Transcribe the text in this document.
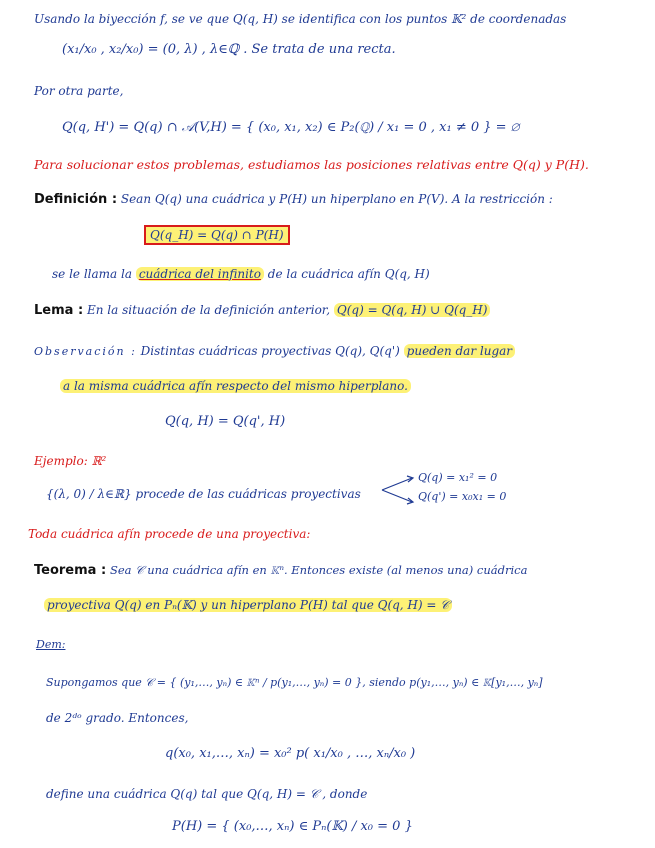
Usando la biyección f, se ve que Q(q, H) se identifica con los puntos 𝕂² de coordenadas
(x₁/x₀ , x₂/x₀) = (0, λ) , λ∈ℚ . Se trata de una recta.
Por otra parte,
Q(q, H') = Q(q) ∩ 𝒜(V,H) = { (x₀, x₁, x₂) ∈ P₂(ℚ) / x₁ = 0 , x₁ ≠ 0 } = ∅
Para solucionar estos problemas, estudiamos las posiciones relativas entre Q(q) y P(H).
Definición : Sean Q(q) una cuádrica y P(H) un hiperplano en P(V). A la restricción :
Q(q_H) = Q(q) ∩ P(H)
se le llama la cuádrica del infinito de la cuádrica afín Q(q, H)
Lema : En la situación de la definición anterior, Q(q) = Q(q, H) ∪ Q(q_H)
Observación : Distintas cuádricas proyectivas Q(q), Q(q') pueden dar lugar
a la misma cuádrica afín respecto del mismo hiperplano.
Q(q, H) = Q(q', H)
Ejemplo: ℝ²
{(λ, 0) / λ∈ℝ} procede de las cuádricas proyectivas
Q(q) = x₁² = 0
Q(q') = x₀x₁ = 0
Toda cuádrica afín procede de una proyectiva:
Teorema : Sea 𝒞 una cuádrica afín en 𝕂ⁿ. Entonces existe (al menos una) cuádrica
proyectiva Q(q) en Pₙ(𝕂) y un hiperplano P(H) tal que Q(q, H) = 𝒞
Dem:
Supongamos que 𝒞 = { (y₁,…, yₙ) ∈ 𝕂ⁿ / p(y₁,…, yₙ) = 0 }, siendo p(y₁,…, yₙ) ∈ 𝕂[y₁,…, yₙ]
de 2ᵈᵒ grado. Entonces,
q(x₀, x₁,…, xₙ) = x₀² p( x₁/x₀ , …, xₙ/x₀ )
define una cuádrica Q(q) tal que Q(q, H) = 𝒞 , donde
P(H) = { (x₀,…, xₙ) ∈ Pₙ(𝕂) / x₀ = 0 }
